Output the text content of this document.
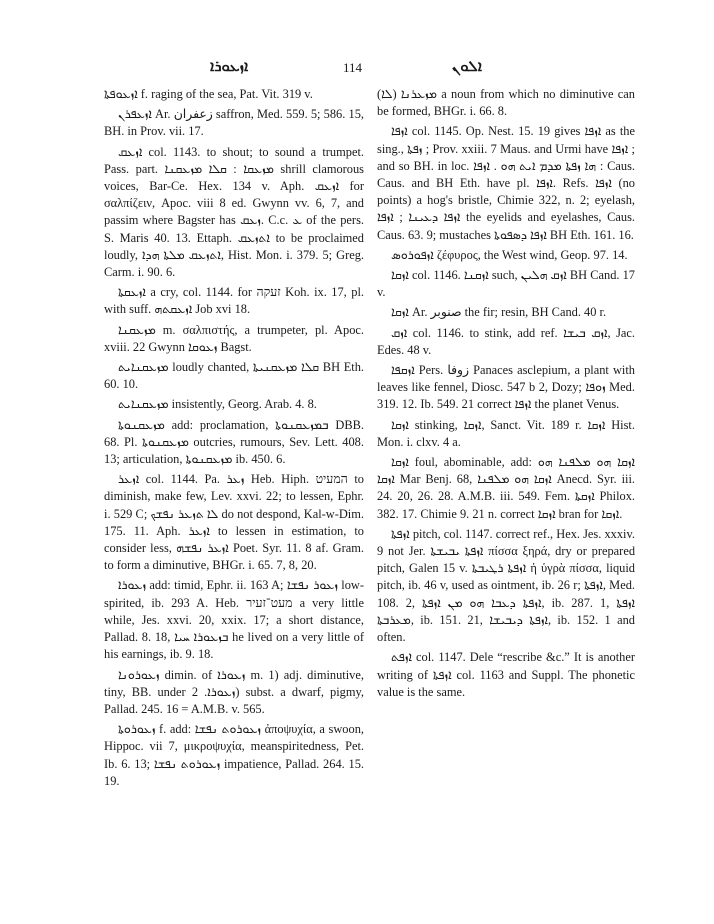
ܐܙܥܘܪܐ	114	ܐܠܘܢ

ܐܙܥܘܦܬܐ f. raging of the sea, Pat. Vit. 319 v.

ܐܙܥܦܪܢ Ar. زعفران saffron, Med. 559. 5; 586. 15, BH. in Prov. vii. 17.

ܐܙܥܩ col. 1143. to shout; to sound a trumpet. Pass. part. ܡܙܥܩܐ : ܩܠܐ ܡܙܥܩܢܐ shrill clamorous voices, Bar-Ce. Hex. 134 v. Aph. ܐܙܥܩ for σαλπίζειν, Apoc. viii 8 ed. Gwynn vv. 6, 7, and passim where Bagster has ܙܥܩ. C.c. ܥ of the pers. S. Maris 40. 13. Ettaph. ܐܬܙܥܩ to be proclaimed loudly, ܐܬܙܥܩ ܡܠܬܐ ܗܕܐ, Hist. Mon. i. 379. 5; Greg. Carm. i. 90. 6.

ܐܙܥܩܬܐ a cry, col. 1144. for זעקה Koh. ix. 17, pl. with suff. ܐܙܥܩܬܗ Job xvi 18.

ܡܙܥܩܢܐ m. σαλπιστής, a trumpeter, pl. Apoc. xviii. 22 Gwynn ܙܥܘܩܐ Bagst.

ܡܙܥܩܢܐܝܬ loudly chanted, ܩܠܐ ܡܙܥܩܢܝܬܐ BH Eth. 60. 10.

ܡܙܥܩܢܐܝܬ insistently, Georg. Arab. 4. 8.

ܡܙܥܩܢܘܬܐ add: proclamation, ܒܡܙܥܩܢܘܬܐ DBB. 68. Pl. ܡܙܥܩܢܘܬܐ outcries, rumours, Sev. Lett. 408. 13; articulation, ܡܙܥܩܢܘܬܐ ib. 450. 6.

ܐܙܥܪ col. 1144. Pa. ܙܥܪ Heb. Hiph. המעיט to diminish, make few, Lev. xxvi. 22; to lessen, Ephr. i. 529 C; ܠܐ ܬܙܥܪ ܢܦܫܟ do not despond, Kal-w-Dim. 175. 11. Aph. ܐܙܥܪ to lessen in estimation, to consider less, ܐܙܥܪ ܢܦܫܗ Poet. Syr. 11. 8 af. Gram. to form a diminutive, BHGr. i. 65. 7, 8, 20.

ܙܥܘܪܐ add: timid, Ephr. ii. 163 A; ܙܥܘܪ ܢܦܫܐ low-spirited, ib. 293 A. Heb. מעט־זעיר a very little while, Jes. xxvi. 20, xxix. 17; a short distance, Pallad. 8. 18, ܒܙܥܘܪܐ ܚܝܐ he lived on a very little of his earnings, ib. 9. 18.

ܙܥܘܪܘܢܐ dimin. of ܙܥܘܪܐ m. 1) adj. diminutive, tiny, BB. under ܙܥܘܪܐ. 2) subst. a dwarf, pigmy, Pallad. 245. 16 = A.M.B. v. 565.

ܙܥܘܪܘܬܐ f. add: ܙܥܘܪܘܬ ܢܦܫܐ ἀποψυχία, a swoon, Hippoc. vii 7, μικροψυχία, meanspiritedness, Pet. Ib. 6. 13; ܙܥܘܪܘܬ ܢܦܫܐ impatience, Pallad. 264. 15. 19.

ܡܙܥܪܢܐ (ܠܐ) a noun from which no diminutive can be formed, BHGr. i. 66. 8.

ܐܙܦܐ col. 1145. Op. Nest. 15. 19 gives ܐܙܦܐ as the sing., ܙܦܬܐ ; Prov. xxiii. 7 Maus. and Urmi have ܐܙܦܐ ; and so BH. in loc. ܗܐ ܙܦܬܐ ܡܕܡ ܐܝܬ ܗܘ . ܐܙܦܐ : Caus. Caus. and BH Eth. have pl. ܐܙܦܐ. Refs. ܐܙܦܐ (no points) a hog's bristle, Chimie 322, n. 2; eyelash, ܐܙܦܐ ܕܥܝܢܐ ; ܐܙܦܐ the eyelids and eyelashes, Caus. Caus. 63. 9; mustaches ܐܙܦܐ ܕܣܦܘܬܐ BH Eth. 161. 16.

ܐܙܦܘܪܘܣ ζέφυρος, the West wind, Geop. 97. 14.

ܐܙܩܐ col. 1146. ܐܙܩܢܐ such, ܐܙܩ ܗܠܝܢ BH Cand. 17 v.

ܐܙܩܐ Ar. صنوبر the fir; resin, BH Cand. 40 r.

ܐܙܩ col. 1146. to stink, add ref. ܐܙܩ ܒܝܫܐ, Jac. Edes. 48 v.

ܐܙܩܦܐ Pers. زوفا Panaces asclepium, a plant with leaves like fennel, Diosc. 547 b 2, Dozy; ܙܘܦܐ Med. 319. 12. Ib. 549. 21 correct ܐܙܦܐ the planet Venus.

ܐܙܩܐ stinking, ܐܙܩܐ, Sanct. Vit. 189 r. ܐܙܩܐ Hist. Mon. i. clxv. 4 a.

ܐܙܩܐ foul, abominable, add: ܐܙܩܐ ܗܘ ܡܠܦܢܐ ܗܘ ܐܙܩܐ Mar Benj. 68, ܐܙܩܐ ܗܘ ܡܠܦܢܐ Anecd. Syr. iii. 24. 20, 26. 28. A.M.B. iii. 549. Fem. ܐܙܩܬܐ Philox. 382. 17. Chimie 9. 21 n. correct ܐܙܩܐ bran for ܐܙܩܐ.

ܐܙܦܬܐ pitch, col. 1147. correct ref., Hex. Jes. xxxiv. 9 not Jer. ܐܙܦܬܐ ܝܒܝܫܬܐ πίσσα ξηρά, dry or prepared pitch, Galen 15 v. ܐܙܦܬܐ ܪܛܝܒܬܐ ἡ ὑγρὰ πίσσα, liquid pitch, ib. 46 v, used as ointment, ib. 26 r; ܐܙܦܬܐ, Med. 108. 2, ܐܙܦܬܐ ܕܥܒܐ ܗܘ ܡܢ ܐܙܦܬܐ, ib. 287. 1, ܐܙܦܬܐ ܡܥܪܒܬܐ, ib. 151. 21, ܐܙܦܬܐ ܕܝܒܝܫܐ, ib. 152. 1 and often.

ܐܙܦܬ col. 1147. Dele “rescribe &c.” It is another writing of ܐܙܦܬܐ col. 1163 and Suppl. The phonetic value is the same.
